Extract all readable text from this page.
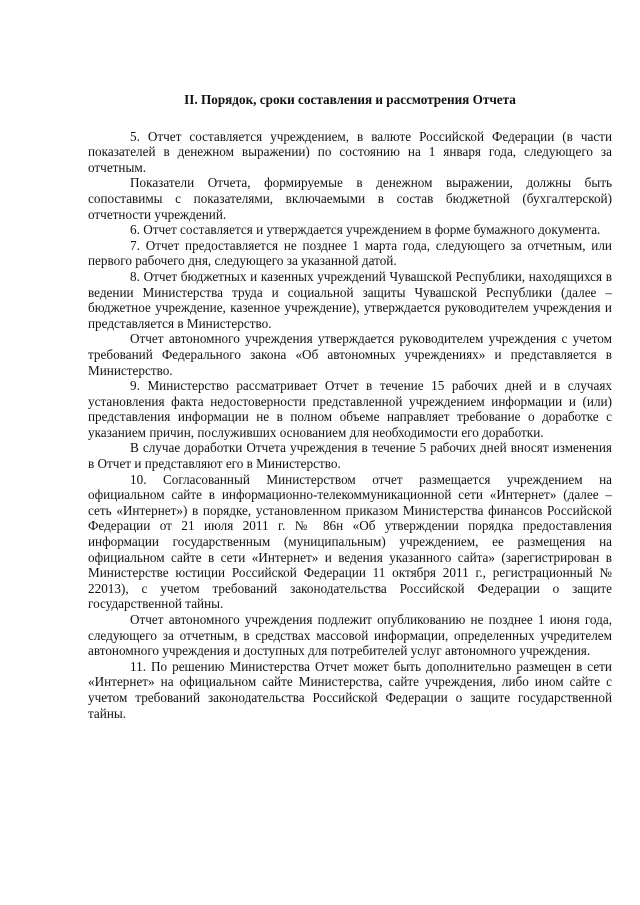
II. Порядок, сроки составления и рассмотрения Отчета

5. Отчет составляется учреждением, в валюте Российской Федерации (в части показателей в денежном выражении) по состоянию на 1 января года, следующего за отчетным.

Показатели Отчета, формируемые в денежном выражении, должны быть сопоставимы с показателями, включаемыми в состав бюджетной (бухгалтерской) отчетности учреждений.

6. Отчет составляется и утверждается учреждением в форме бумажного документа.

7. Отчет предоставляется не позднее 1 марта года, следующего за отчетным, или первого рабочего дня, следующего за указанной датой.

8. Отчет бюджетных и казенных учреждений Чувашской Республики, находящихся в ведении Министерства труда и социальной защиты Чувашской Республики (далее – бюджетное учреждение, казенное учреждение), утверждается руководителем учреждения и представляется в Министерство.

Отчет автономного учреждения утверждается руководителем учреждения с учетом требований Федерального закона «Об автономных учреждениях» и представляется в Министерство.

9. Министерство рассматривает Отчет в течение 15 рабочих дней и в случаях установления факта недостоверности представленной учреждением информации и (или) представления информации не в полном объеме направляет требование о доработке с указанием причин, послуживших основанием для необходимости его доработки.

В случае доработки Отчета учреждения в течение 5 рабочих дней вносят изменения в Отчет и представляют его в Министерство.

10. Согласованный Министерством отчет размещается учреждением на официальном сайте в информационно-телекоммуникационной сети «Интернет» (далее – сеть «Интернет») в порядке, установленном приказом Министерства финансов Российской Федерации от 21 июля 2011 г. № 86н «Об утверждении порядка предоставления информации государственным (муниципальным) учреждением, ее размещения на официальном сайте в сети «Интернет» и ведения указанного сайта» (зарегистрирован в Министерстве юстиции Российской Федерации 11 октября 2011 г., регистрационный № 22013), с учетом требований законодательства Российской Федерации о защите государственной тайны.

Отчет автономного учреждения подлежит опубликованию не позднее 1 июня года, следующего за отчетным, в средствах массовой информации, определенных учредителем автономного учреждения и доступных для потребителей услуг автономного учреждения.

11. По решению Министерства Отчет может быть дополнительно размещен в сети «Интернет» на официальном сайте Министерства, сайте учреждения, либо ином сайте с учетом требований законодательства Российской Федерации о защите государственной тайны.
